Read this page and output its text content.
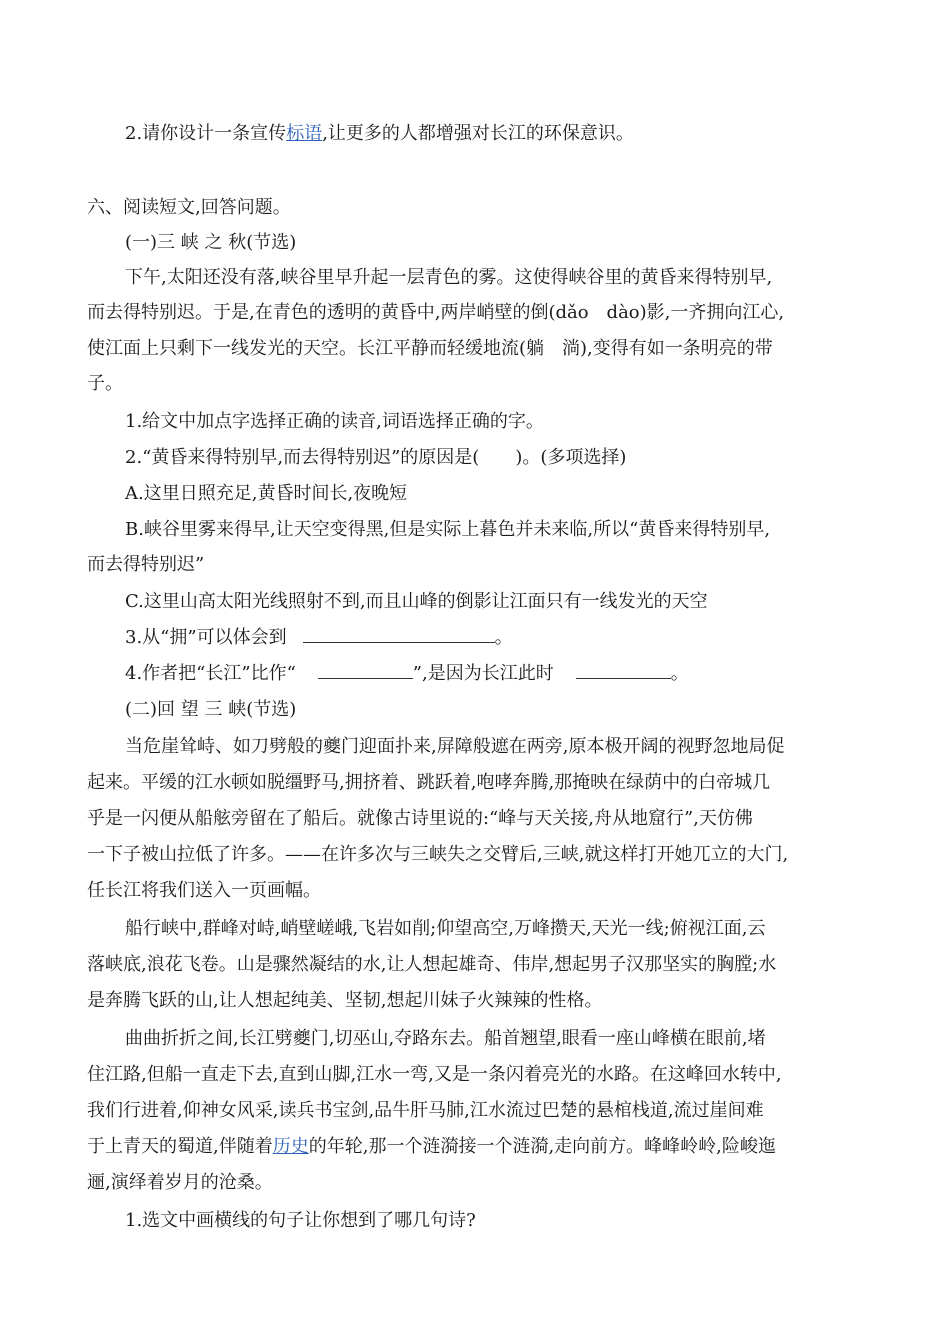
2.请你设计一条宣传标语,让更多的人都增强对长江的环保意识。
六、阅读短文,回答问题。
(一)三 峡 之 秋(节选)
下午,太阳还没有落,峡谷里早升起一层青色的雾。这使得峡谷里的黄昏来得特别早,
而去得特别迟。于是,在青色的透明的黄昏中,两岸峭壁的倒(dǎo　dào)影,一齐拥向江心,
使江面上只剩下一线发光的天空。长江平静而轻缓地流(躺　淌),变得有如一条明亮的带
子。
1.给文中加点字选择正确的读音,词语选择正确的字。
2.“黄昏来得特别早,而去得特别迟”的原因是(　　)。(多项选择)
A.这里日照充足,黄昏时间长,夜晚短
B.峡谷里雾来得早,让天空变得黑,但是实际上暮色并未来临,所以“黄昏来得特别早,
而去得特别迟”
C.这里山高太阳光线照射不到,而且山峰的倒影让江面只有一线发光的天空
3.从“拥”可以体会到	。
4.作者把“长江”比作“	”,是因为长江此时	。
(二)回 望 三 峡(节选)
当危崖耸峙、如刀劈般的夔门迎面扑来,屏障般遮在两旁,原本极开阔的视野忽地局促
起来。平缓的江水顿如脱缰野马,拥挤着、跳跃着,咆哮奔腾,那掩映在绿荫中的白帝城几
乎是一闪便从船舷旁留在了船后。就像古诗里说的:“峰与天关接,舟从地窟行”,天仿佛
一下子被山拉低了许多。——在许多次与三峡失之交臂后,三峡,就这样打开她兀立的大门,
任长江将我们送入一页画幅。
船行峡中,群峰对峙,峭壁嵯峨,飞岩如削;仰望高空,万峰攒天,天光一线;俯视江面,云
落峡底,浪花飞卷。山是骤然凝结的水,让人想起雄奇、伟岸,想起男子汉那坚实的胸膛;水
是奔腾飞跃的山,让人想起纯美、坚韧,想起川妹子火辣辣的性格。
曲曲折折之间,长江劈夔门,切巫山,夺路东去。船首翘望,眼看一座山峰横在眼前,堵
住江路,但船一直走下去,直到山脚,江水一弯,又是一条闪着亮光的水路。在这峰回水转中,
我们行进着,仰神女风采,读兵书宝剑,品牛肝马肺,江水流过巴楚的悬棺栈道,流过崖间难
于上青天的蜀道,伴随着历史的年轮,那一个涟漪接一个涟漪,走向前方。峰峰岭岭,险峻迤
逦,演绎着岁月的沧桑。
1.选文中画横线的句子让你想到了哪几句诗?
